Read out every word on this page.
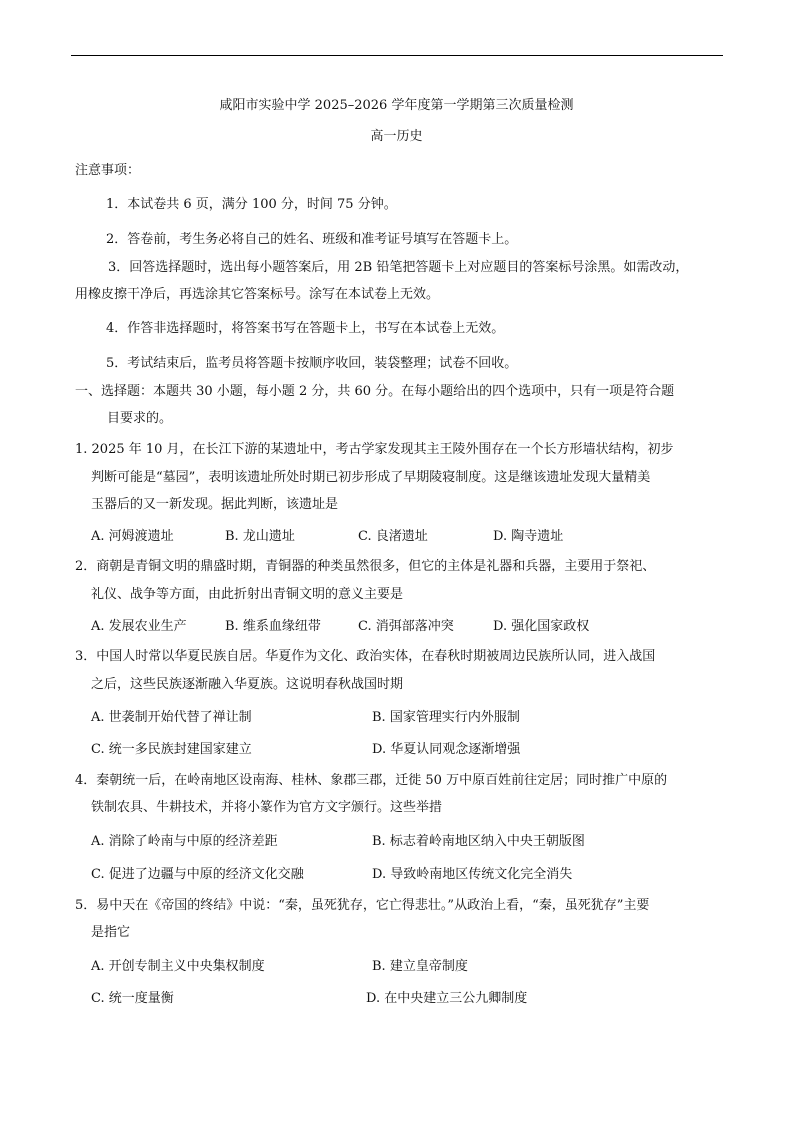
咸阳市实验中学 2025–2026 学年度第一学期第三次质量检测
高一历史
注意事项：
1．本试卷共 6 页，满分 100 分，时间 75 分钟。
2．答卷前，考生务必将自己的姓名、班级和准考证号填写在答题卡上。
3．回答选择题时，选出每小题答案后，用 2B 铅笔把答题卡上对应题目的答案标号涂黑。如需改动，
用橡皮擦干净后，再选涂其它答案标号。涂写在本试卷上无效。
4．作答非选择题时，将答案书写在答题卡上，书写在本试卷上无效。
5．考试结束后，监考员将答题卡按顺序收回，装袋整理；试卷不回收。
一、选择题：本题共 30 小题，每小题 2 分，共 60 分。在每小题给出的四个选项中，只有一项是符合题
目要求的。
1. 2025 年 10 月，在长江下游的某遗址中，考古学家发现其主王陵外围存在一个长方形墙状结构，初步
判断可能是“墓园”，表明该遗址所处时期已初步形成了早期陵寝制度。这是继该遗址发现大量精美
玉器后的又一新发现。据此判断，该遗址是
A. 河姆渡遗址	B. 龙山遗址	C. 良渚遗址	D. 陶寺遗址
2．商朝是青铜文明的鼎盛时期，青铜器的种类虽然很多，但它的主体是礼器和兵器，主要用于祭祀、
礼仪、战争等方面，由此折射出青铜文明的意义主要是
A. 发展农业生产	B. 维系血缘纽带	C. 消弭部落冲突	D. 强化国家政权
3．中国人时常以华夏民族自居。华夏作为文化、政治实体，在春秋时期被周边民族所认同，进入战国
之后，这些民族逐渐融入华夏族。这说明春秋战国时期
A. 世袭制开始代替了禅让制	B. 国家管理实行内外服制
C. 统一多民族封建国家建立	D. 华夏认同观念逐渐增强
4．秦朝统一后，在岭南地区设南海、桂林、象郡三郡，迁徙 50 万中原百姓前往定居；同时推广中原的
铁制农具、牛耕技术，并将小篆作为官方文字颁行。这些举措
A. 消除了岭南与中原的经济差距	B. 标志着岭南地区纳入中央王朝版图
C. 促进了边疆与中原的经济文化交融	D. 导致岭南地区传统文化完全消失
5．易中天在《帝国的终结》中说：“秦，虽死犹存，它亡得悲壮。”从政治上看，“秦，虽死犹存”主要
是指它
A. 开创专制主义中央集权制度	B. 建立皇帝制度
C. 统一度量衡	D. 在中央建立三公九卿制度
